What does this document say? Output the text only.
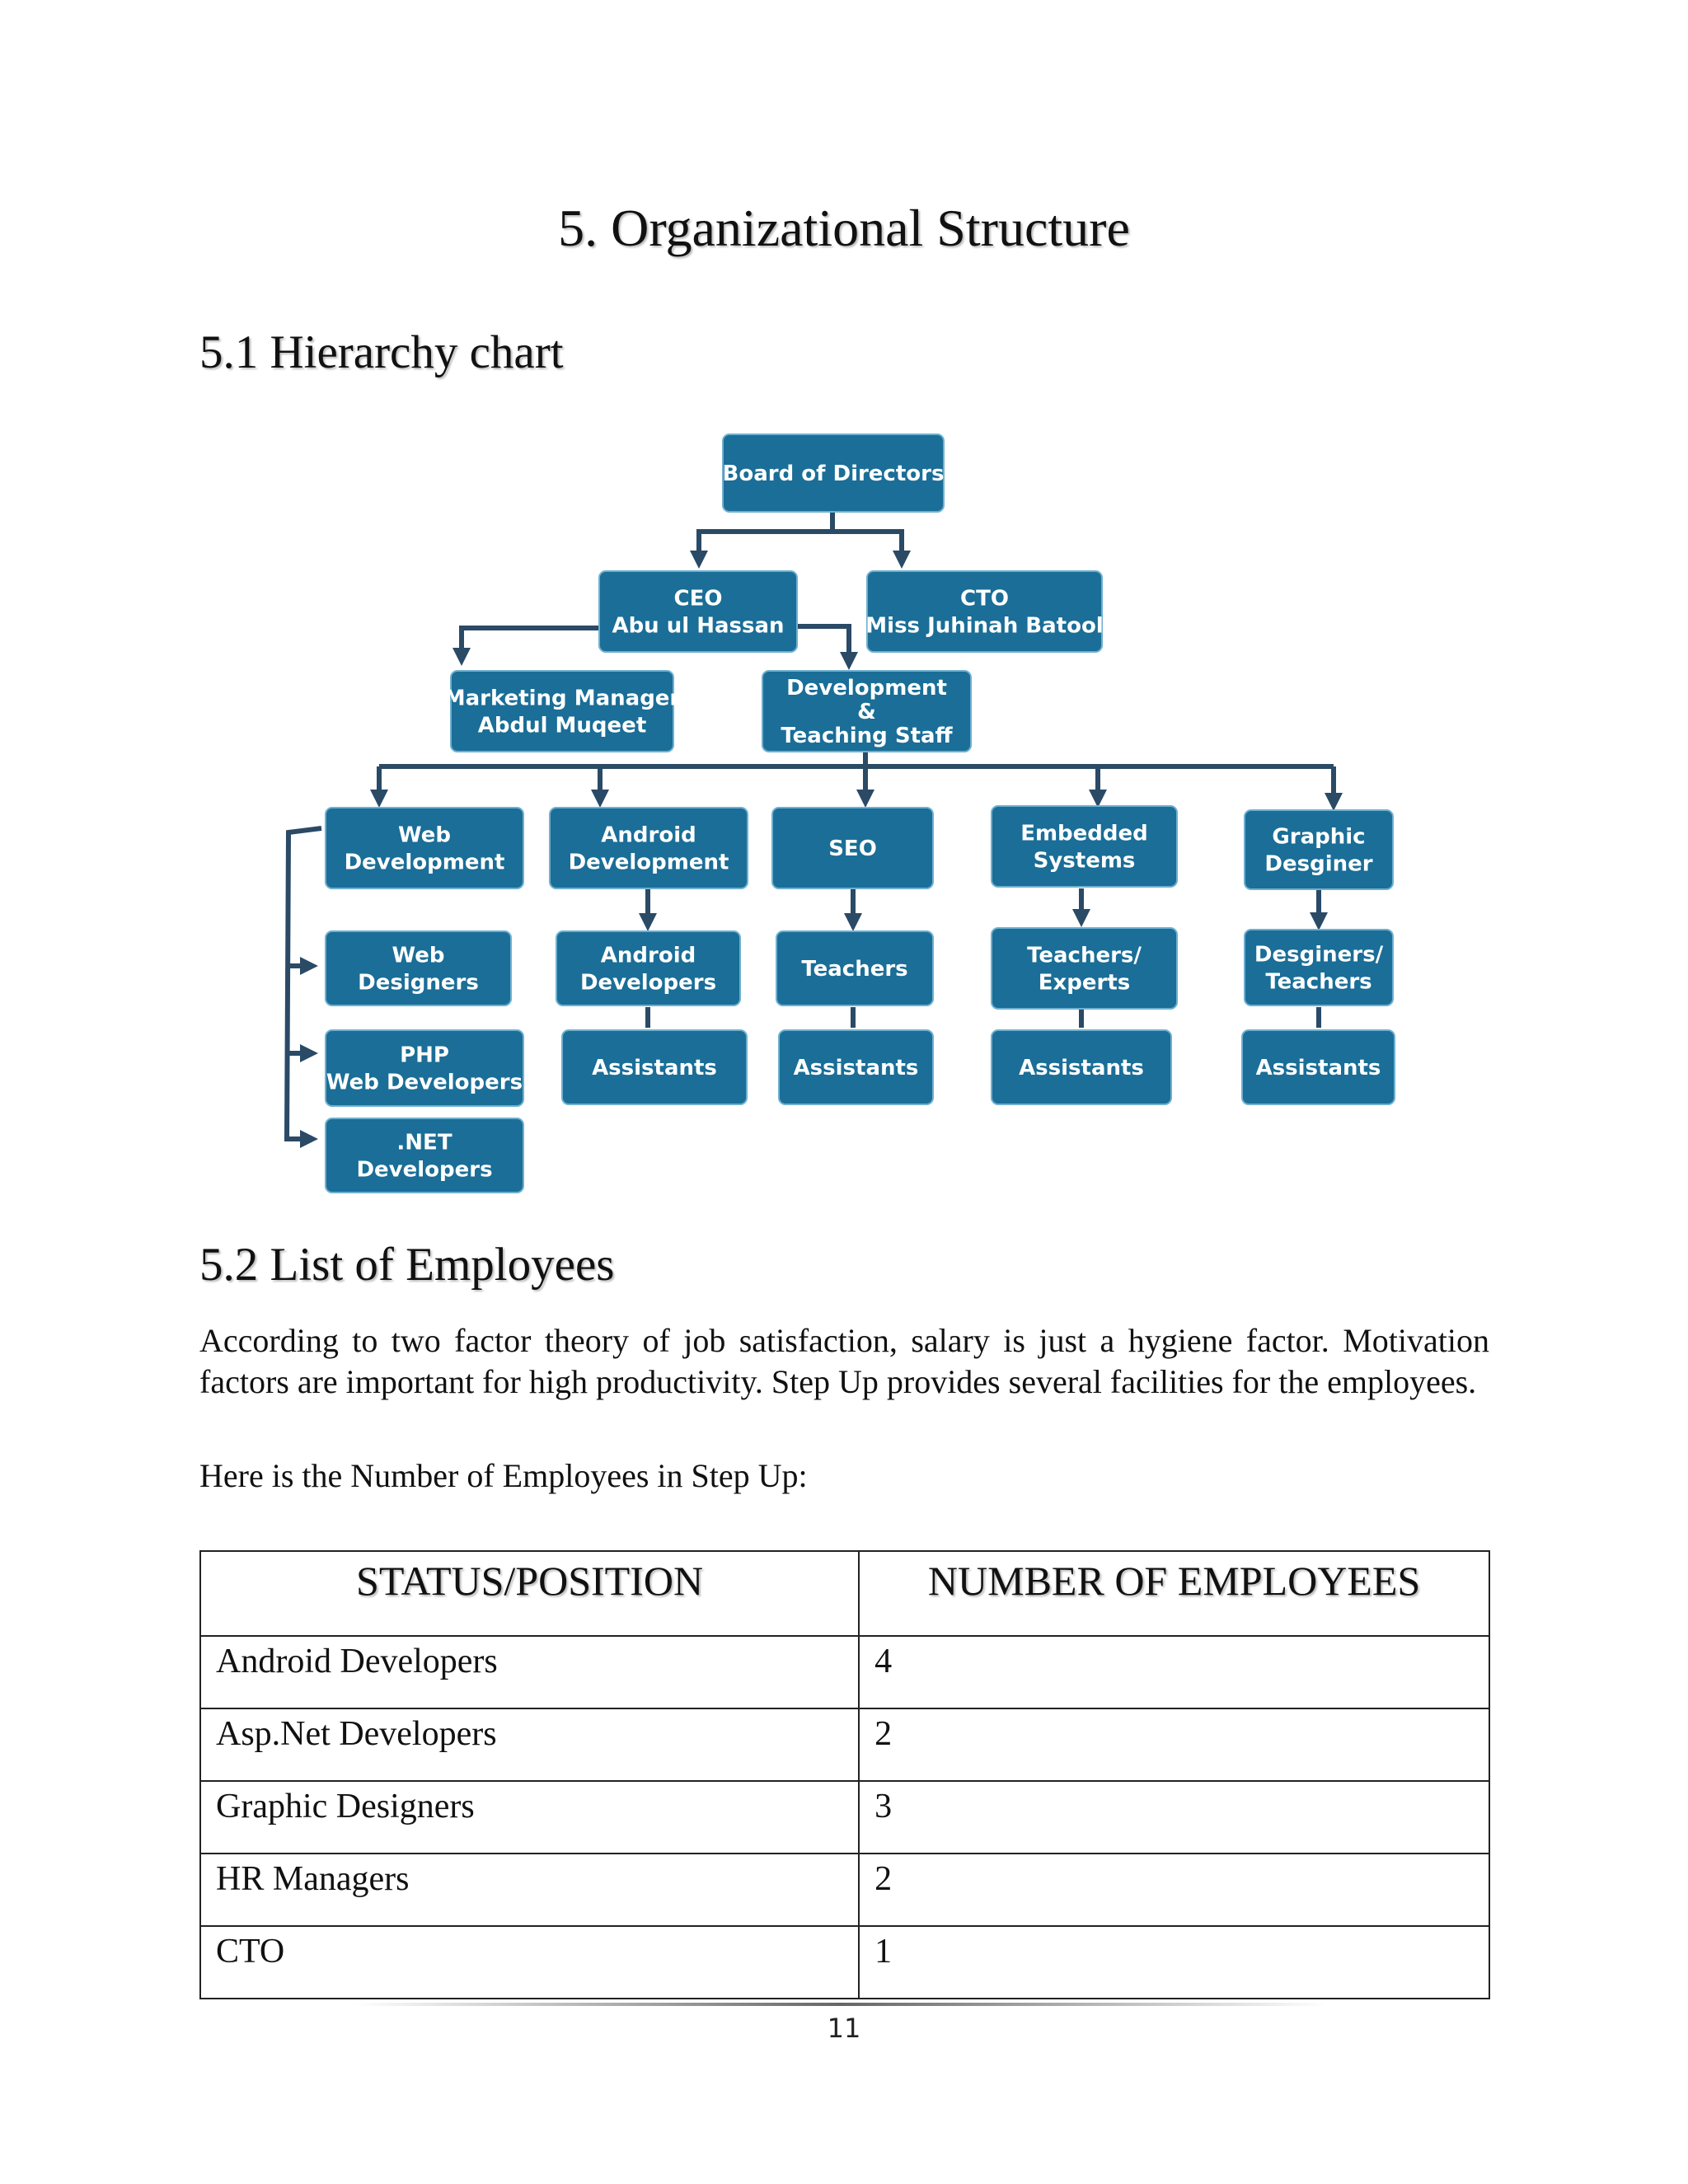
5. Organizational Structure
5.1 Hierarchy chart
Board of Directors
CEO
Abu ul Hassan
CTO
Miss Juhinah Batool
Marketing Manager
Abdul Muqeet
Development
&
Teaching Staff
Web
Development
Android
Development
SEO
Embedded
Systems
Graphic
Desginer
Web
Designers
Android
Developers
Teachers
Teachers/
Experts
Desginers/
Teachers
PHP
Web Developers
Assistants	Assistants	Assistants	Assistants
.NET
Developers
5.2 List of Employees
According to two factor theory of job satisfaction, salary is just a hygiene factor. Motivation factors are important for high productivity. Step Up provides several facilities for the employees.
Here is the Number of Employees in Step Up:
STATUS/POSITION	NUMBER OF EMPLOYEES
Android Developers	4
Asp.Net Developers	2
Graphic Designers	3
HR Managers	2
CTO	1
11
